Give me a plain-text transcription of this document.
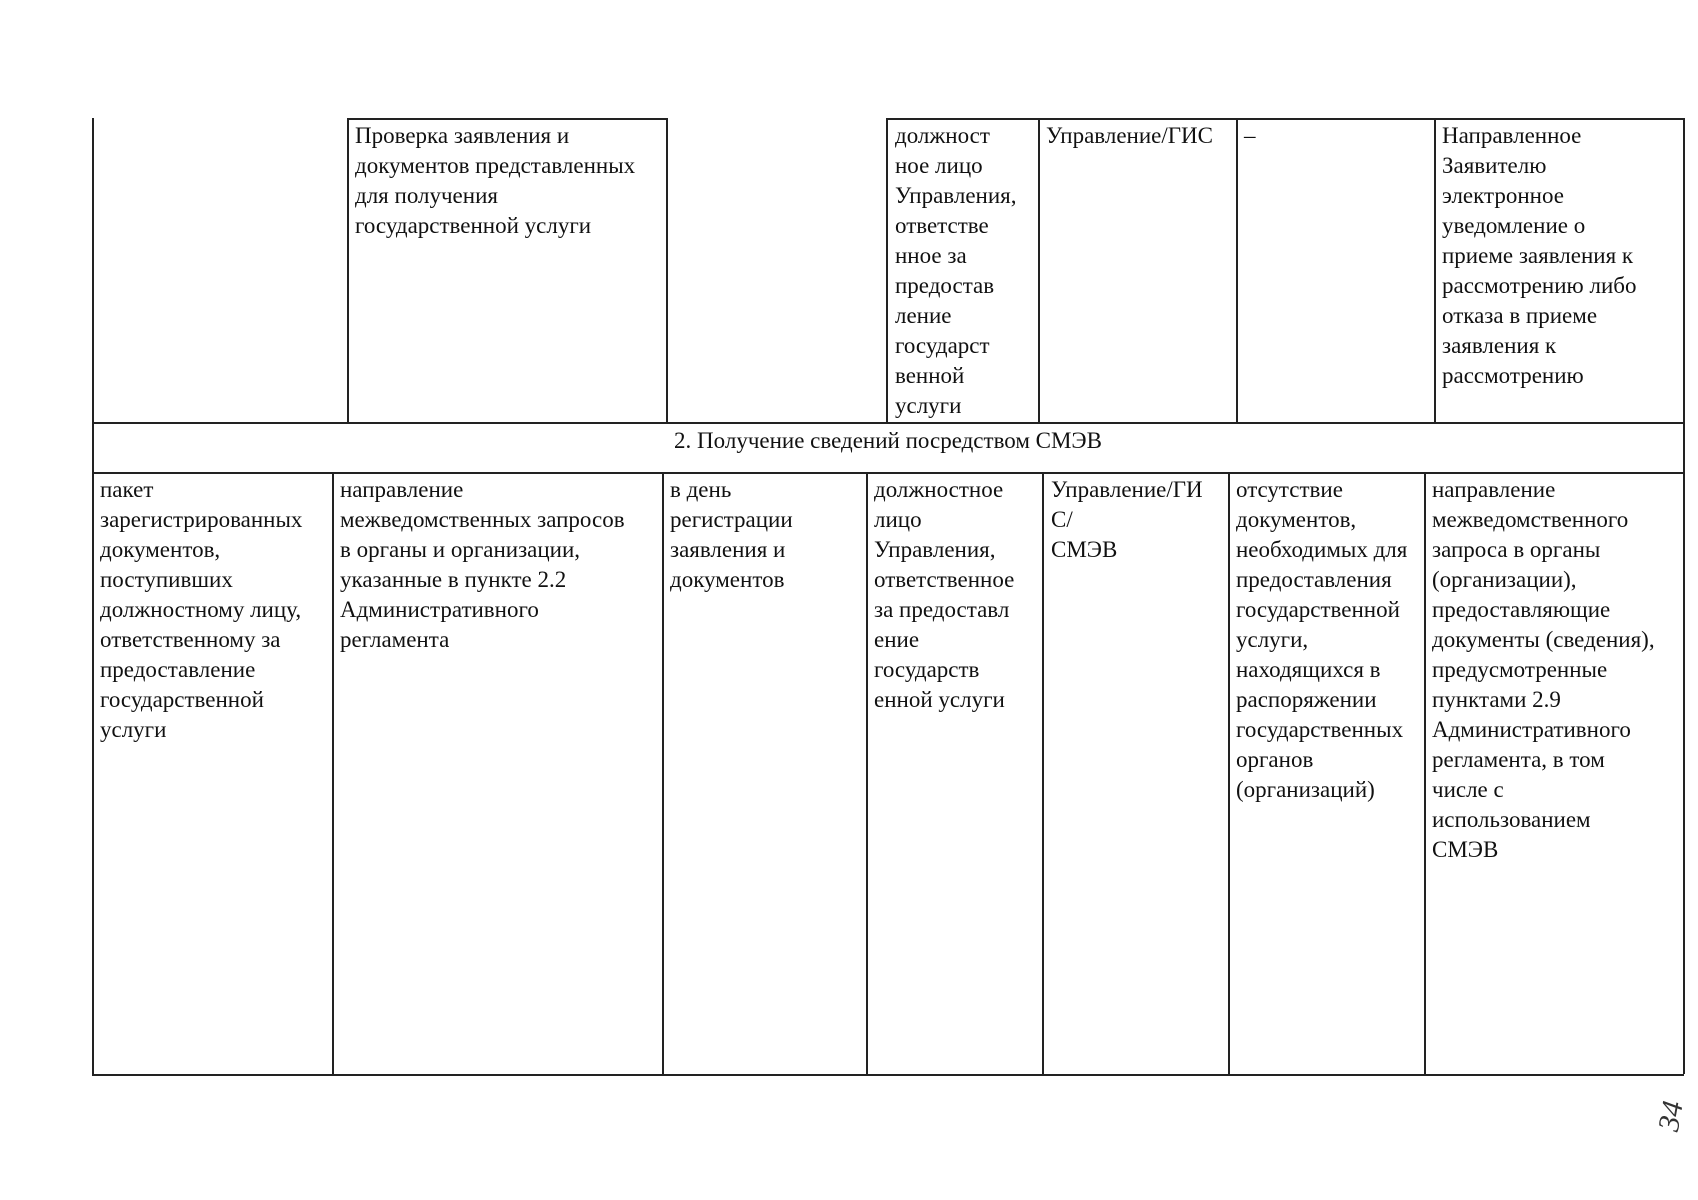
Проверка заявления и
документов представленных
для получения
государственной услуги
должност
ное лицо
Управления,
ответстве
нное за
предостав
ление
государст
венной
услуги
Управление/ГИС	–	Направленное
Заявителю
электронное
уведомление о
приеме заявления к
рассмотрению либо
отказа в приеме
заявления к
рассмотрению
2. Получение сведений посредством СМЭВ
пакет
зарегистрированных
документов,
поступивших
должностному лицу,
ответственному за
предоставление
государственной
услуги
направление
межведомственных запросов
в органы и организации,
указанные в пункте 2.2
Административного
регламента
в день
регистрации
заявления и
документов
должностное
лицо
Управления,
ответственное
за предоставл
ение
государств
енной услуги
Управление/ГИ
С/
СМЭВ
отсутствие
документов,
необходимых для
предоставления
государственной
услуги,
находящихся в
распоряжении
государственных
органов
(организаций)
направление
межведомственного
запроса в органы
(организации),
предоставляющие
документы (сведения),
предусмотренные
пунктами 2.9
Административного
регламента, в том
числе с
использованием
СМЭВ
34
